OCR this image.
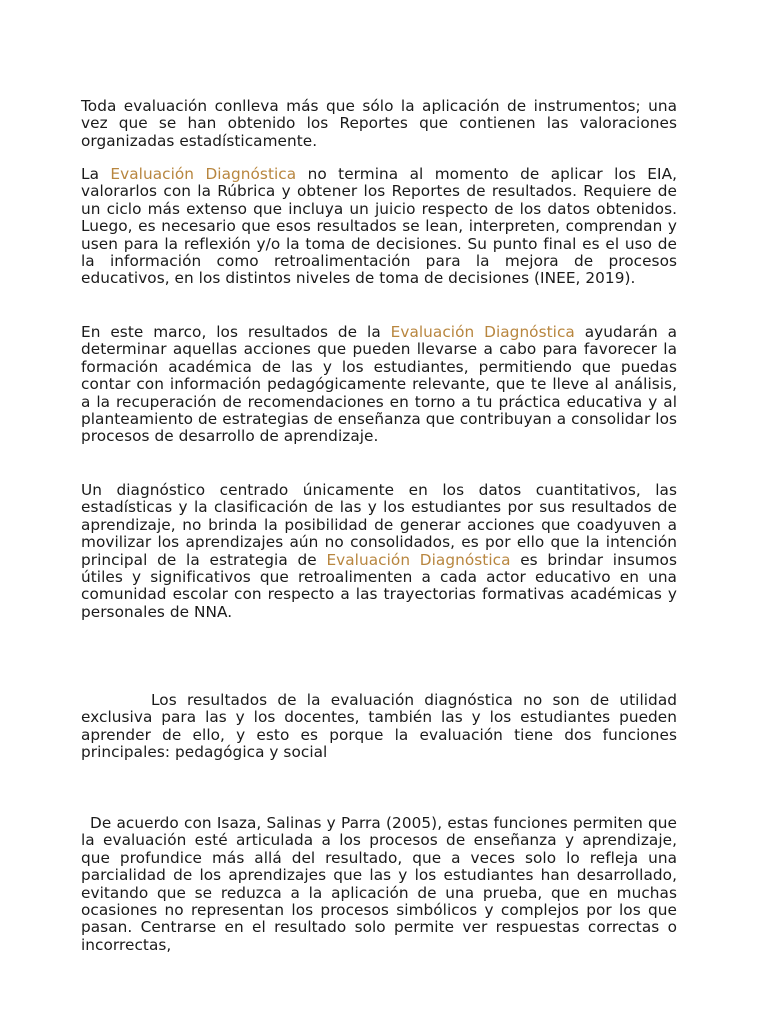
Toda evaluación conlleva más que sólo la aplicación de instrumentos; una vez que se han obtenido los Reportes que contienen las valoraciones organizadas estadísticamente.

La Evaluación Diagnóstica no termina al momento de aplicar los EIA, valorarlos con la Rúbrica y obtener los Reportes de resultados. Requiere de un ciclo más extenso que incluya un juicio respecto de los datos obtenidos. Luego, es necesario que esos resultados se lean, interpreten, comprendan y usen para la reflexión y/o la toma de decisiones. Su punto final es el uso de la información como retroalimentación para la mejora de procesos educativos, en los distintos niveles de toma de decisiones (INEE, 2019).

En este marco, los resultados de la Evaluación Diagnóstica ayudarán a determinar aquellas acciones que pueden llevarse a cabo para favorecer la formación académica de las y los estudiantes, permitiendo que puedas contar con información pedagógicamente relevante, que te lleve al análisis, a la recuperación de recomendaciones en torno a tu práctica educativa y al planteamiento de estrategias de enseñanza que contribuyan a consolidar los procesos de desarrollo de aprendizaje.

Un diagnóstico centrado únicamente en los datos cuantitativos, las estadísticas y la clasificación de las y los estudiantes por sus resultados de aprendizaje, no brinda la posibilidad de generar acciones que coadyuven a movilizar los aprendizajes aún no consolidados, es por ello que la intención principal de la estrategia de Evaluación Diagnóstica es brindar insumos útiles y significativos que retroalimenten a cada actor educativo en una comunidad escolar con respecto a las trayectorias formativas académicas y personales de NNA.

Los resultados de la evaluación diagnóstica no son de utilidad exclusiva para las y los docentes, también las y los estudiantes pueden aprender de ello, y esto es porque la evaluación tiene dos funciones principales: pedagógica y social

De acuerdo con Isaza, Salinas y Parra (2005), estas funciones permiten que la evaluación esté articulada a los procesos de enseñanza y aprendizaje, que profundice más allá del resultado, que a veces solo lo refleja una parcialidad de los aprendizajes que las y los estudiantes han desarrollado, evitando que se reduzca a la aplicación de una prueba, que en muchas ocasiones no representan los procesos simbólicos y complejos por los que pasan. Centrarse en el resultado solo permite ver respuestas correctas o incorrectas,
